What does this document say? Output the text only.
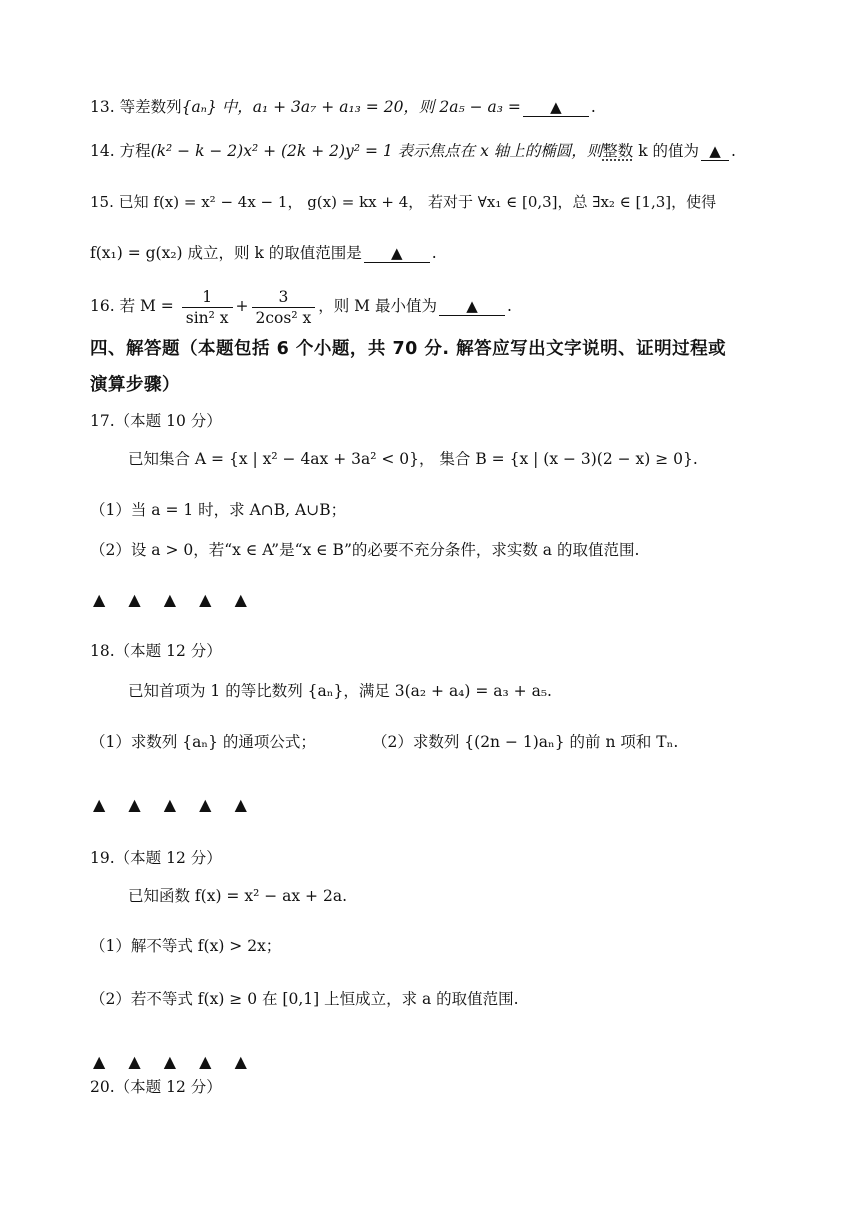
13. 等差数列{aₙ} 中，a₁ + 3a₇ + a₁₃ = 20，则 2a₅ − a₃ = ▲ .
14. 方程(k² − k − 2)x² + (2k + 2)y² = 1 表示焦点在 x 轴上的椭圆，则整数 k 的值为 ▲ .
15. 已知 f(x) = x² − 4x − 1， g(x) = kx + 4， 若对于 ∀x₁ ∈ [0,3]，总 ∃x₂ ∈ [1,3]，使得
f(x₁) = g(x₂) 成立，则 k 的取值范围是 ▲ .
16. 若 $M = \frac{1}{\text{sin² x}} + \frac{3}{\text{2cos² x}}$ ，则 M 最小值为 ▲ .
四、解答题（本题包括 6 个小题，共 70 分. 解答应写出文字说明、证明过程或
演算步骤）
17.（本题 10 分）
已知集合 A = {x | x² − 4ax + 3a² < 0}， 集合 B = {x | (x − 3)(2 − x) ≥ 0}.
（1）当 a = 1 时，求 A∩B, A∪B；
（2）设 a > 0，若“x ∈ A”是“x ∈ B”的必要不充分条件，求实数 a 的取值范围.
▲ ▲ ▲ ▲ ▲
18.（本题 12 分）
已知首项为 1 的等比数列 {aₙ}，满足 3(a₂ + a₄) = a₃ + a₅.
（1）求数列 {aₙ} 的通项公式；	（2）求数列 {(2n − 1)aₙ} 的前 n 项和 Tₙ.
▲ ▲ ▲ ▲ ▲
19.（本题 12 分）
已知函数 f(x) = x² − ax + 2a.
（1）解不等式 f(x) > 2x；
（2）若不等式 f(x) ≥ 0 在 [0,1] 上恒成立，求 a 的取值范围.
▲ ▲ ▲ ▲ ▲
20.（本题 12 分）
